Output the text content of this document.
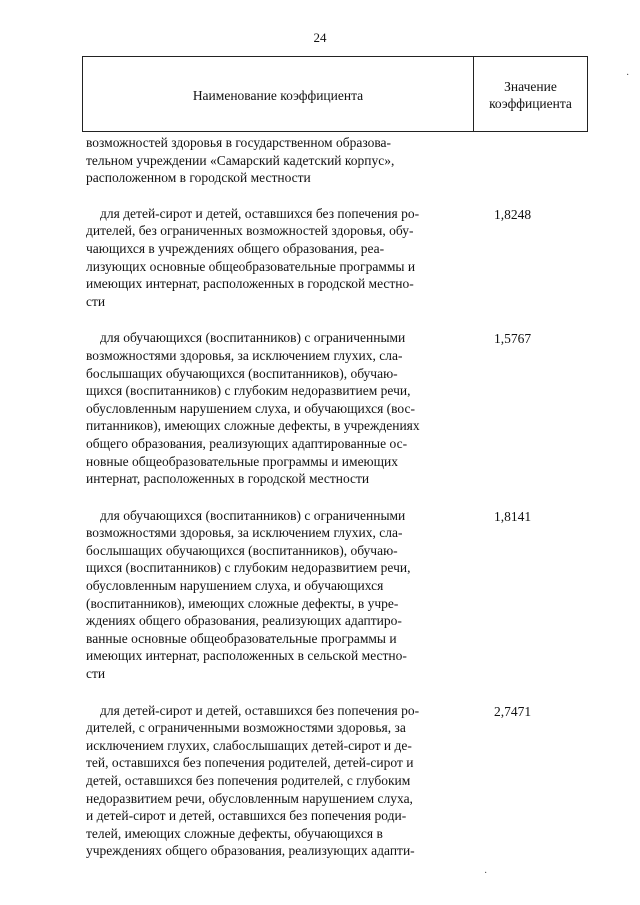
24
Наименование коэффициента
Значение
коэффициента
возможностей здоровья в государственном образова-
тельном учреждении «Самарский кадетский корпус»,
расположенном в городской местности
для детей-сирот и детей, оставшихся без попечения ро-
дителей, без ограниченных возможностей здоровья, обу-
чающихся в учреждениях общего образования, реа-
лизующих основные общеобразовательные программы и
имеющих интернат, расположенных в городской местно-
сти
1,8248
для обучающихся (воспитанников) с ограниченными
возможностями здоровья, за исключением глухих, сла-
бослышащих обучающихся (воспитанников), обучаю-
щихся (воспитанников) с глубоким недоразвитием речи,
обусловленным нарушением слуха, и обучающихся (вос-
питанников), имеющих сложные дефекты, в учреждениях
общего образования, реализующих адаптированные ос-
новные общеобразовательные программы и имеющих
интернат, расположенных в городской местности
1,5767
для обучающихся (воспитанников) с ограниченными
возможностями здоровья, за исключением глухих, сла-
бослышащих обучающихся (воспитанников), обучаю-
щихся (воспитанников) с глубоким недоразвитием речи,
обусловленным нарушением слуха, и обучающихся
(воспитанников), имеющих сложные дефекты, в учре-
ждениях общего образования, реализующих адаптиро-
ванные основные общеобразовательные программы и
имеющих интернат, расположенных в сельской местно-
сти
1,8141
для детей-сирот и детей, оставшихся без попечения ро-
дителей, с ограниченными возможностями здоровья, за
исключением глухих, слабослышащих детей-сирот и де-
тей, оставшихся без попечения родителей, детей-сирот и
детей, оставшихся без попечения родителей, с глубоким
недоразвитием речи, обусловленным нарушением слуха,
и детей-сирот и детей, оставшихся без попечения роди-
телей, имеющих сложные дефекты, обучающихся в
учреждениях общего образования, реализующих адапти-
2,7471
·
·
